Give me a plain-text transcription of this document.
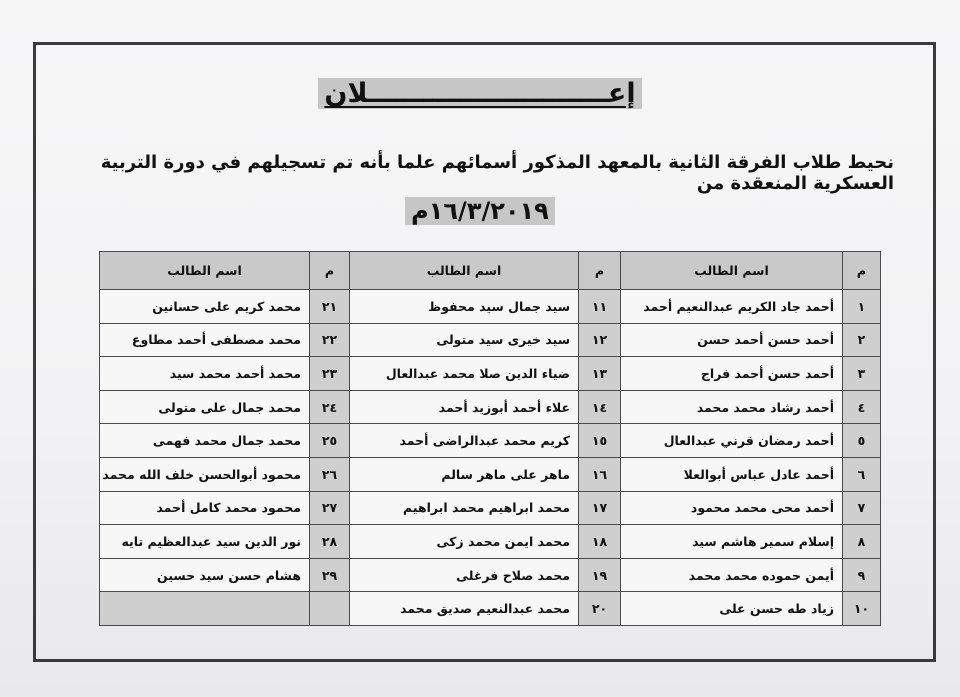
إعــــــــــــــــــــــــــلان
نحيط طلاب الفرقة الثانية بالمعهد المذكور أسمائهم علما بأنه تم تسجيلهم في دورة التربية العسكرية المنعقدة من
١٦/٣/٢٠١٩م
م	اسم الطالب	م	اسم الطالب	م	اسم الطالب
١	أحمد جاد الكريم عبدالنعيم أحمد	١١	سيد جمال سيد محفوظ	٢١	محمد كريم على حسانين
٢	أحمد حسن أحمد حسن	١٢	سيد خيرى سيد متولى	٢٢	محمد مصطفى أحمد مطاوع
٣	أحمد حسن أحمد فراج	١٣	ضياء الدين صلا محمد عبدالعال	٢٣	محمد أحمد محمد سيد
٤	أحمد رشاد محمد محمد	١٤	علاء أحمد أبوزيد أحمد	٢٤	محمد جمال على متولى
٥	أحمد رمضان قرني عبدالعال	١٥	كريم محمد عبدالراضى أحمد	٢٥	محمد جمال محمد فهمى
٦	أحمد عادل عباس أبوالعلا	١٦	ماهر على ماهر سالم	٢٦	محمود أبوالحسن خلف الله محمد
٧	أحمد محى محمد محمود	١٧	محمد ابراهيم محمد ابراهيم	٢٧	محمود محمد كامل أحمد
٨	إسلام سمير هاشم سيد	١٨	محمد ايمن محمد زكى	٢٨	نور الدين سيد عبدالعظيم تايه
٩	أيمن حموده محمد محمد	١٩	محمد صلاح فرغلى	٢٩	هشام حسن سيد حسين
١٠	زياد طه حسن على	٢٠	محمد عبدالنعيم صديق محمد		
